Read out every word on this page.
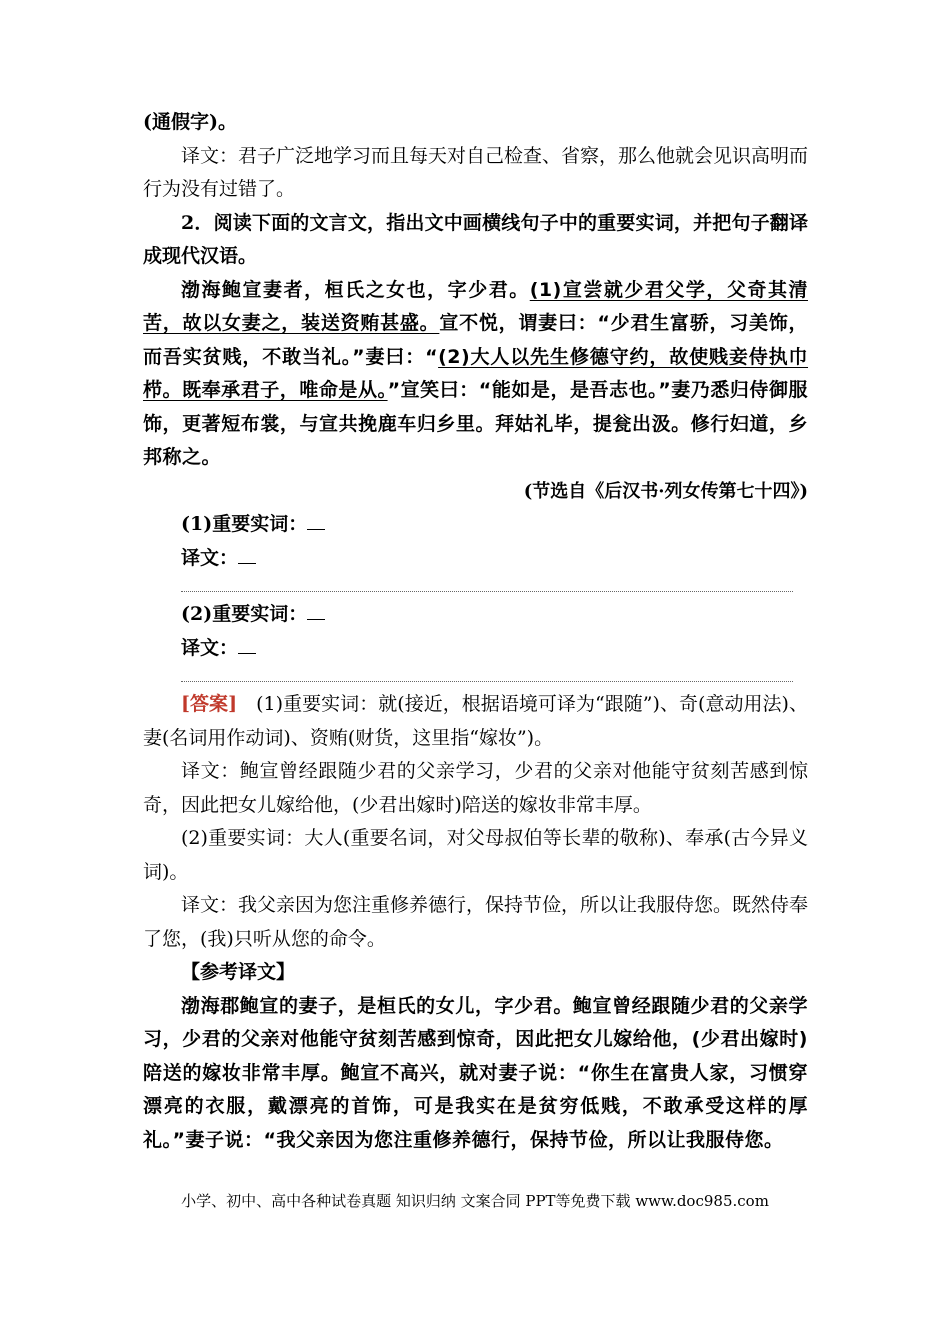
(通假字)。

译文：君子广泛地学习而且每天对自己检查、省察，那么他就会见识高明而行为没有过错了。

2．阅读下面的文言文，指出文中画横线句子中的重要实词，并把句子翻译成现代汉语。

渤海鲍宣妻者，桓氏之女也，字少君。(1)宣尝就少君父学，父奇其清苦，故以女妻之，装送资贿甚盛。宣不悦，谓妻曰：“少君生富骄，习美饰，而吾实贫贱，不敢当礼。”妻曰：“(2)大人以先生修德守约，故使贱妾侍执巾栉。既奉承君子，唯命是从。”宣笑曰：“能如是，是吾志也。”妻乃悉归侍御服饰，更著短布裳，与宣共挽鹿车归乡里。拜姑礼毕，提瓮出汲。修行妇道，乡邦称之。

(节选自《后汉书·列女传第七十四》)

(1)重要实词：

译文：

(2)重要实词：

译文：

[答案]　(1)重要实词：就(接近，根据语境可译为“跟随”)、奇(意动用法)、妻(名词用作动词)、资贿(财货，这里指“嫁妆”)。

译文：鲍宣曾经跟随少君的父亲学习，少君的父亲对他能守贫刻苦感到惊奇，因此把女儿嫁给他，(少君出嫁时)陪送的嫁妆非常丰厚。

(2)重要实词：大人(重要名词，对父母叔伯等长辈的敬称)、奉承(古今异义词)。

译文：我父亲因为您注重修养德行，保持节俭，所以让我服侍您。既然侍奉了您，(我)只听从您的命令。

【参考译文】

渤海郡鲍宣的妻子，是桓氏的女儿，字少君。鲍宣曾经跟随少君的父亲学习，少君的父亲对他能守贫刻苦感到惊奇，因此把女儿嫁给他，(少君出嫁时)陪送的嫁妆非常丰厚。鲍宣不高兴，就对妻子说：“你生在富贵人家，习惯穿漂亮的衣服，戴漂亮的首饰，可是我实在是贫穷低贱，不敢承受这样的厚礼。”妻子说：“我父亲因为您注重修养德行，保持节俭，所以让我服侍您。

小学、初中、高中各种试卷真题 知识归纳 文案合同 PPT等免费下载 www.doc985.com
